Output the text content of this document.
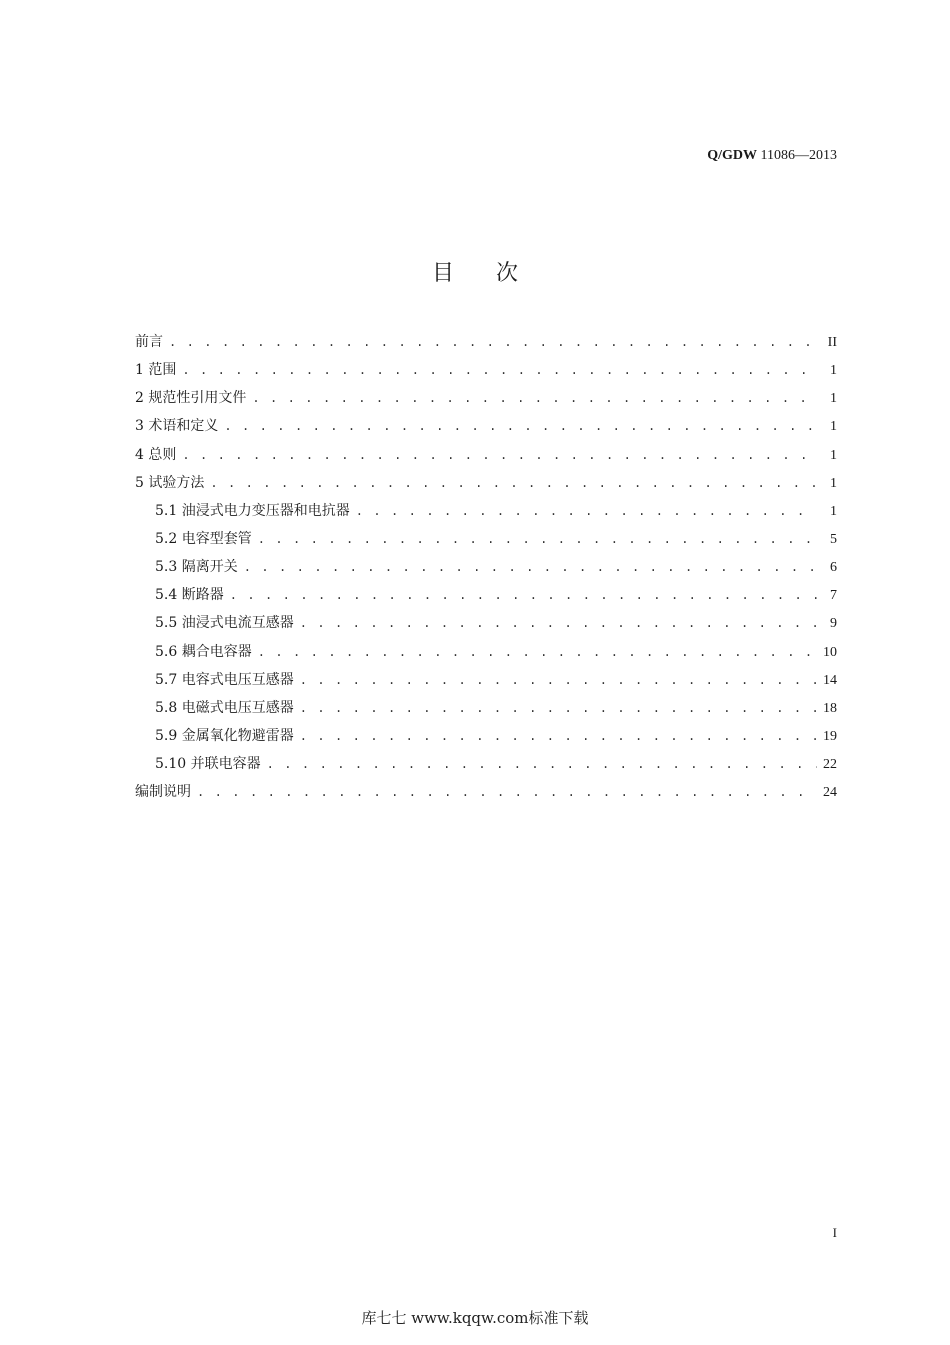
Q/GDW 11086—2013
目次
前言 . . .	II
1 范围 . . .	1
2 规范性引用文件 . . .	1
3 术语和定义 . . .	1
4 总则 . . .	1
5 试验方法 . . .	1
5.1 油浸式电力变压器和电抗器 . . .	1
5.2 电容型套管 . . .	5
5.3 隔离开关 . . .	6
5.4 断路器 . . .	7
5.5 油浸式电流互感器 . . .	9
5.6 耦合电容器 . . .	10
5.7 电容式电压互感器 . . .	14
5.8 电磁式电压互感器 . . .	18
5.9 金属氧化物避雷器 . . .	19
5.10 并联电容器 . . .	22
编制说明 . . .	24
I
库七七 www.kqqw.com标准下载
